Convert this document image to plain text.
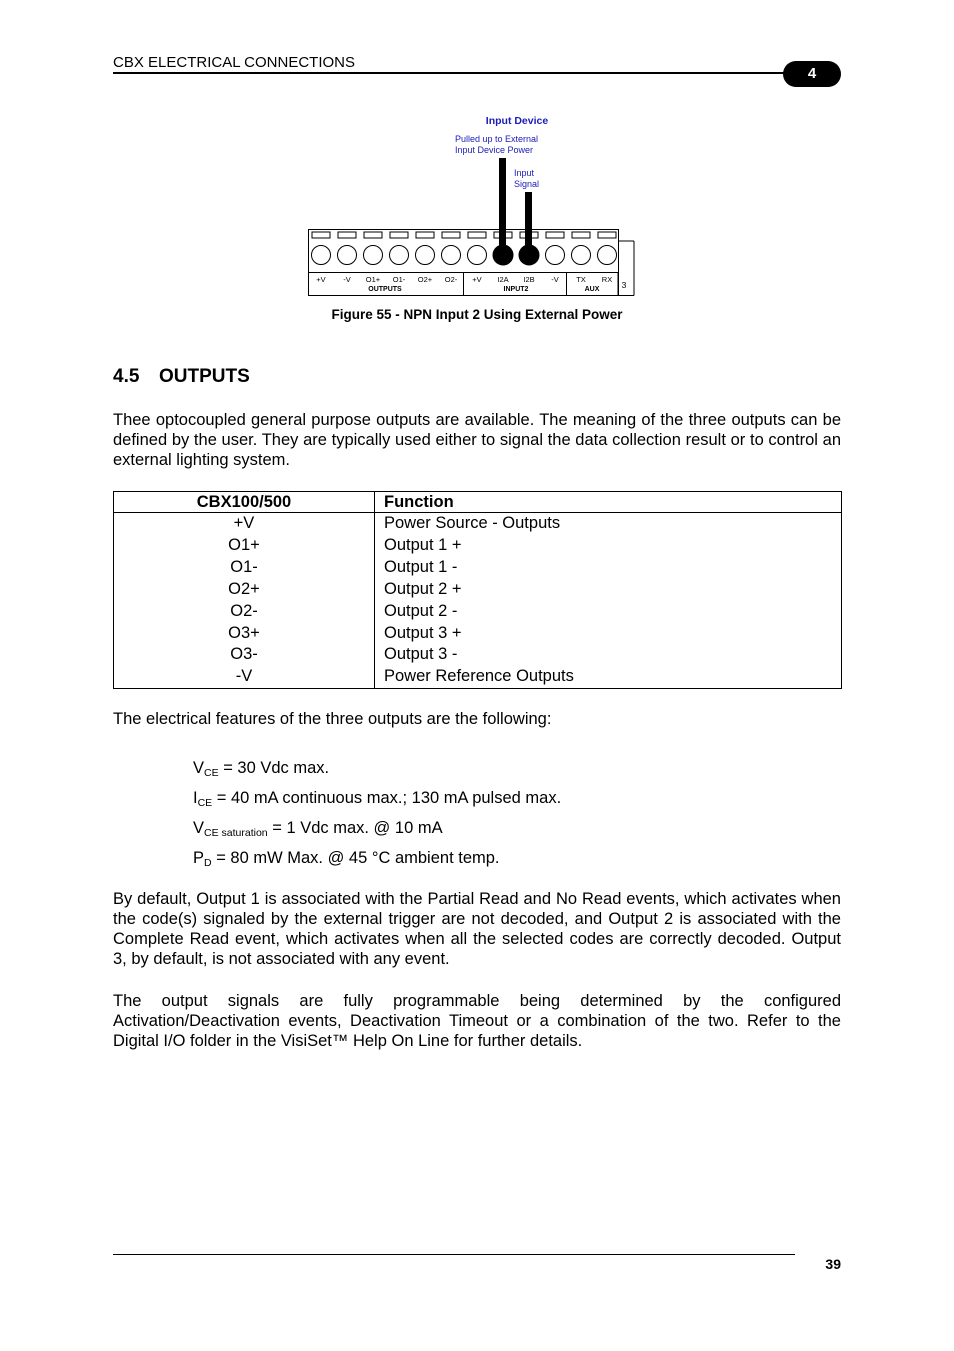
CBX ELECTRICAL CONNECTIONS
4
Input Device
Pulled up to External
Input Device Power
Input
Signal
+V -V O1+ O1- O2+ O2- +V I2A I2B -V TX RX
OUTPUTS	INPUT2	AUX	3
Figure 55 - NPN Input 2 Using External Power
4.5 OUTPUTS
Thee optocoupled general purpose outputs are available. The meaning of the three outputs can be defined by the user. They are typically used either to signal the data collection result or to control an external lighting system.
CBX100/500	Function
+V	Power Source - Outputs
O1+	Output 1 +
O1-	Output 1 -
O2+	Output 2 +
O2-	Output 2 -
O3+	Output 3 +
O3-	Output 3 -
-V	Power Reference Outputs
The electrical features of the three outputs are the following:
$V_{CE} = 30$ Vdc max.
$I_{CE} = 40$ mA continuous max.; 130 mA pulsed max.
$V_{CE saturation} = 1$ Vdc max. @ 10 mA
$P_D = 80$ mW Max. @ 45 °C ambient temp.
By default, Output 1 is associated with the Partial Read and No Read events, which activates when the code(s) signaled by the external trigger are not decoded, and Output 2 is associated with the Complete Read event, which activates when all the selected codes are correctly decoded. Output 3, by default, is not associated with any event.
The output signals are fully programmable being determined by the configured Activation/Deactivation events, Deactivation Timeout or a combination of the two. Refer to the Digital I/O folder in the VisiSet™ Help On Line for further details.
39
